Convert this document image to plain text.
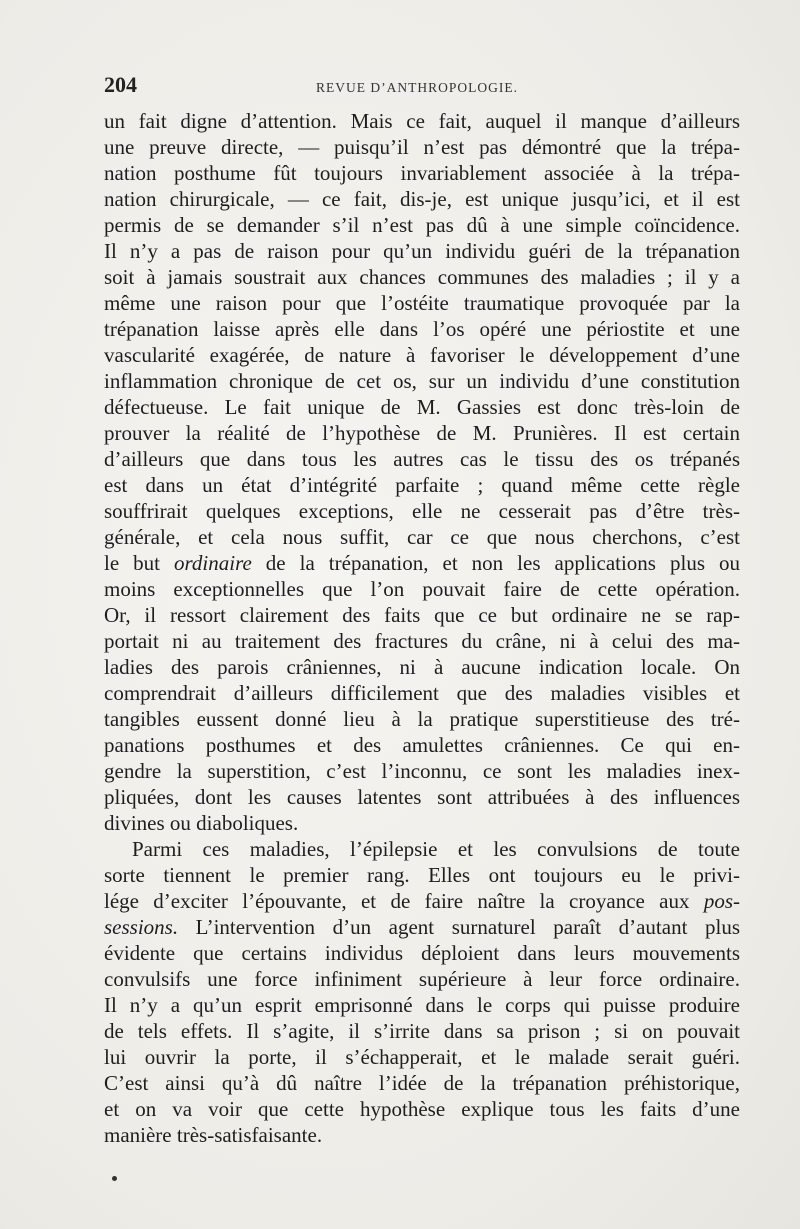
204	REVUE D’ANTHROPOLOGIE.
un fait digne d’attention. Mais ce fait, auquel il manque d’ailleurs
une preuve directe, — puisqu’il n’est pas démontré que la trépa-
nation posthume fût toujours invariablement associée à la trépa-
nation chirurgicale, — ce fait, dis-je, est unique jusqu’ici, et il est
permis de se demander s’il n’est pas dû à une simple coïncidence.
Il n’y a pas de raison pour qu’un individu guéri de la trépanation
soit à jamais soustrait aux chances communes des maladies ; il y a
même une raison pour que l’ostéite traumatique provoquée par la
trépanation laisse après elle dans l’os opéré une périostite et une
vascularité exagérée, de nature à favoriser le développement d’une
inflammation chronique de cet os, sur un individu d’une constitution
défectueuse. Le fait unique de M. Gassies est donc très-loin de
prouver la réalité de l’hypothèse de M. Prunières. Il est certain
d’ailleurs que dans tous les autres cas le tissu des os trépanés
est dans un état d’intégrité parfaite ; quand même cette règle
souffrirait quelques exceptions, elle ne cesserait pas d’être très-
générale, et cela nous suffit, car ce que nous cherchons, c’est
le but ordinaire de la trépanation, et non les applications plus ou
moins exceptionnelles que l’on pouvait faire de cette opération.
Or, il ressort clairement des faits que ce but ordinaire ne se rap-
portait ni au traitement des fractures du crâne, ni à celui des ma-
ladies des parois crâniennes, ni à aucune indication locale. On
comprendrait d’ailleurs difficilement que des maladies visibles et
tangibles eussent donné lieu à la pratique superstitieuse des tré-
panations posthumes et des amulettes crâniennes. Ce qui en-
gendre la superstition, c’est l’inconnu, ce sont les maladies inex-
pliquées, dont les causes latentes sont attribuées à des influences
divines ou diaboliques.
Parmi ces maladies, l’épilepsie et les convulsions de toute
sorte tiennent le premier rang. Elles ont toujours eu le privi-
lége d’exciter l’épouvante, et de faire naître la croyance aux pos-
sessions. L’intervention d’un agent surnaturel paraît d’autant plus
évidente que certains individus déploient dans leurs mouvements
convulsifs une force infiniment supérieure à leur force ordinaire.
Il n’y a qu’un esprit emprisonné dans le corps qui puisse produire
de tels effets. Il s’agite, il s’irrite dans sa prison ; si on pouvait
lui ouvrir la porte, il s’échapperait, et le malade serait guéri.
C’est ainsi qu’à dû naître l’idée de la trépanation préhistorique,
et on va voir que cette hypothèse explique tous les faits d’une
manière très-satisfaisante.
